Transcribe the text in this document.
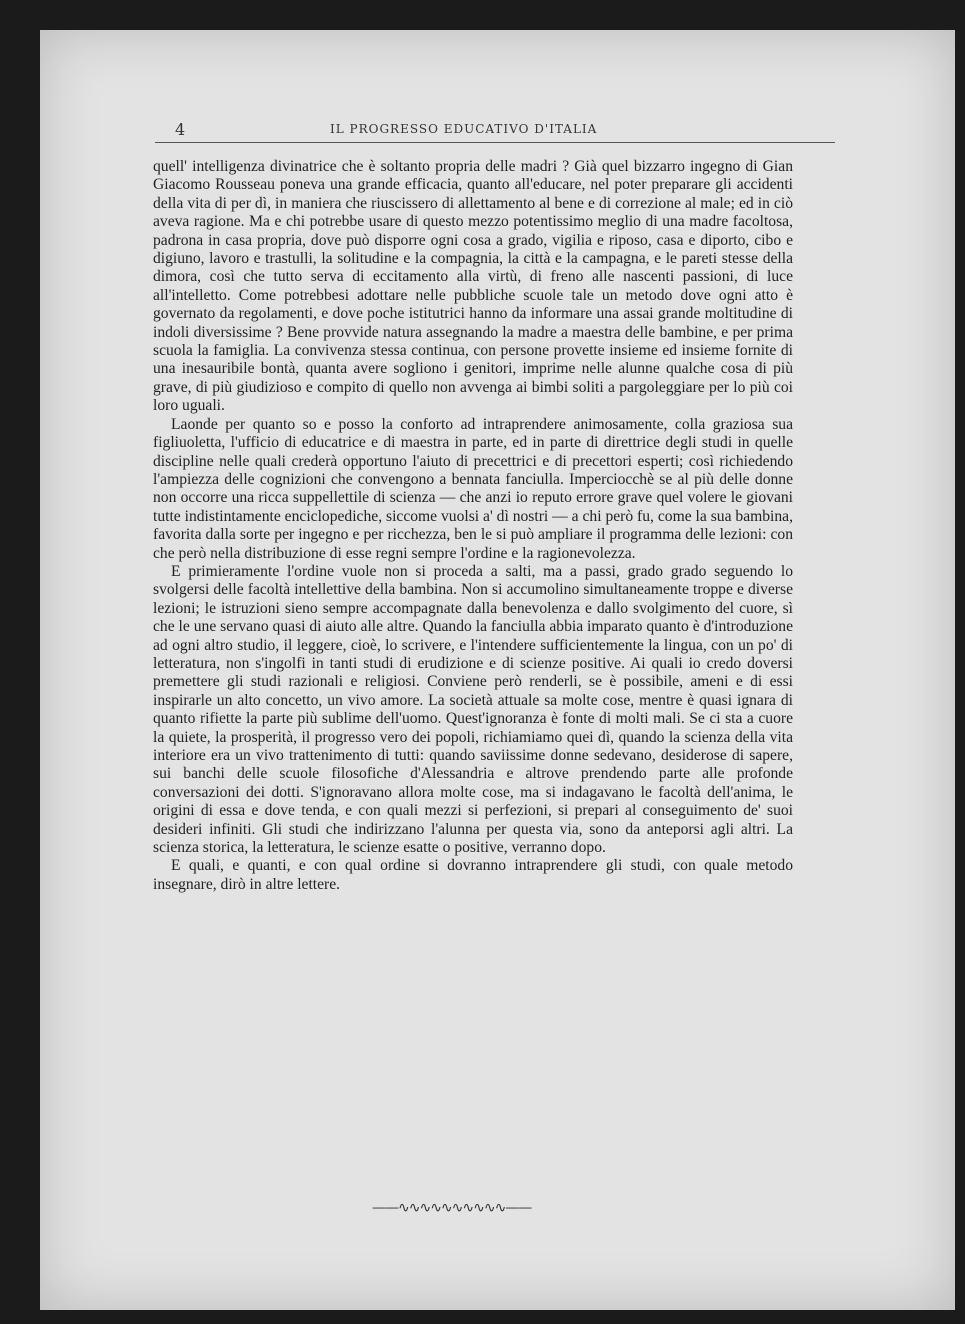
4	IL PROGRESSO EDUCATIVO D'ITALIA

quell' intelligenza divinatrice che è soltanto propria delle madri ? Già quel bizzarro ingegno di Gian Giacomo Rousseau poneva una grande efficacia, quanto all'educare, nel poter preparare gli accidenti della vita di per dì, in maniera che riuscissero di allettamento al bene e di correzione al male; ed in ciò aveva ragione. Ma e chi potrebbe usare di questo mezzo potentissimo meglio di una madre facoltosa, padrona in casa propria, dove può disporre ogni cosa a grado, vigilia e riposo, casa e diporto, cibo e digiuno, lavoro e trastulli, la solitudine e la compagnia, la città e la campagna, e le pareti stesse della dimora, così che tutto serva di eccitamento alla virtù, di freno alle nascenti passioni, di luce all'intelletto. Come potrebbesi adottare nelle pubbliche scuole tale un metodo dove ogni atto è governato da regolamenti, e dove poche istitutrici hanno da informare una assai grande moltitudine di indoli diversissime ? Bene provvide natura assegnando la madre a maestra delle bambine, e per prima scuola la famiglia. La convivenza stessa continua, con persone provette insieme ed insieme fornite di una inesauribile bontà, quanta avere sogliono i genitori, imprime nelle alunne qualche cosa di più grave, di più giudizioso e compito di quello non avvenga ai bimbi soliti a pargoleggiare per lo più coi loro uguali.

Laonde per quanto so e posso la conforto ad intraprendere animosamente, colla graziosa sua figliuoletta, l'ufficio di educatrice e di maestra in parte, ed in parte di direttrice degli studi in quelle discipline nelle quali crederà opportuno l'aiuto di precettrici e di precettori esperti; così richiedendo l'ampiezza delle cognizioni che convengono a bennata fanciulla. Imperciocchè se al più delle donne non occorre una ricca suppellettile di scienza — che anzi io reputo errore grave quel volere le giovani tutte indistintamente enciclopediche, siccome vuolsi a' dì nostri — a chi però fu, come la sua bambina, favorita dalla sorte per ingegno e per ricchezza, ben le si può ampliare il programma delle lezioni: con che però nella distribuzione di esse regni sempre l'ordine e la ragionevolezza.

E primieramente l'ordine vuole non si proceda a salti, ma a passi, grado grado seguendo lo svolgersi delle facoltà intellettive della bambina. Non si accumolino simultaneamente troppe e diverse lezioni; le istruzioni sieno sempre accompagnate dalla benevolenza e dallo svolgimento del cuore, sì che le une servano quasi di aiuto alle altre. Quando la fanciulla abbia imparato quanto è d'introduzione ad ogni altro studio, il leggere, cioè, lo scrivere, e l'intendere sufficientemente la lingua, con un po' di letteratura, non s'ingolfi in tanti studi di erudizione e di scienze positive. Ai quali io credo doversi premettere gli studi razionali e religiosi. Conviene però renderli, se è possibile, ameni e di essi inspirarle un alto concetto, un vivo amore. La società attuale sa molte cose, mentre è quasi ignara di quanto rifiette la parte più sublime dell'uomo. Quest'ignoranza è fonte di molti mali. Se ci sta a cuore la quiete, la prosperità, il progresso vero dei popoli, richiamiamo quei dì, quando la scienza della vita interiore era un vivo trattenimento di tutti: quando saviissime donne sedevano, desiderose di sapere, sui banchi delle scuole filosofiche d'Alessandria e altrove prendendo parte alle profonde conversazioni dei dotti. S'ignoravano allora molte cose, ma si indagavano le facoltà dell'anima, le origini di essa e dove tenda, e con quali mezzi si perfezioni, si prepari al conseguimento de' suoi desideri infiniti. Gli studi che indirizzano l'alunna per questa via, sono da anteporsi agli altri. La scienza storica, la letteratura, le scienze esatte o positive, verranno dopo.

E quali, e quanti, e con qual ordine si dovranno intraprendere gli studi, con quale metodo insegnare, dirò in altre lettere.

——∿∿∿∿∿∿∿∿∿∿——
